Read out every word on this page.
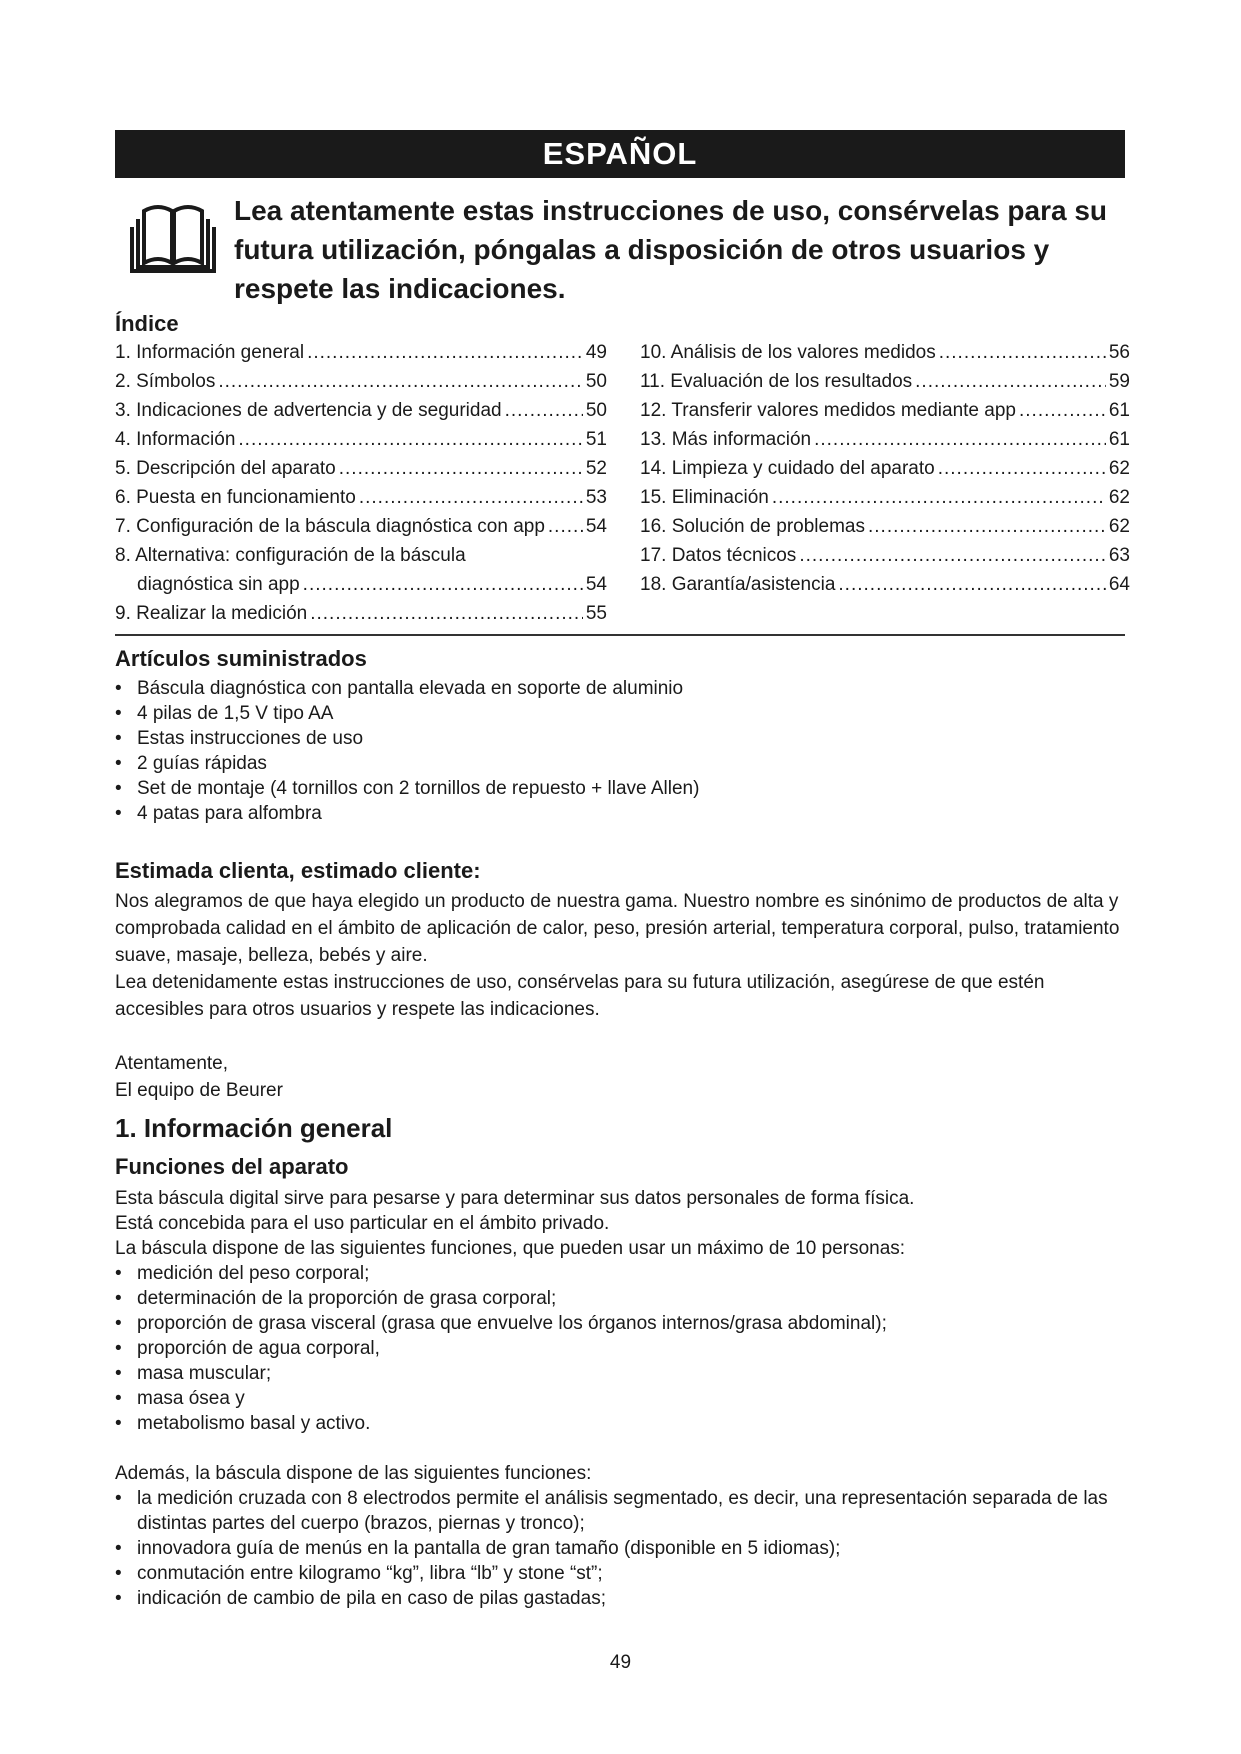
ESPAÑOL
Lea atentamente estas instrucciones de uso, consérvelas para su futura utilización, póngalas a disposición de otros usuarios y respete las indicaciones.
Índice
1. Información general .....	49
2. Símbolos .....	50
3. Indicaciones de advertencia y de seguridad .....	50
4. Información .....	51
5. Descripción del aparato .....	52
6. Puesta en funcionamiento .....	53
7. Configuración de la báscula diagnóstica con app ..... 54
8. Alternativa: configuración de la báscula
diagnóstica sin app .....	54
9. Realizar la medición .....	55
10. Análisis de los valores medidos .....	56
11. Evaluación de los resultados .....	59
12. Transferir valores medidos mediante app .....	61
13. Más información .....	61
14. Limpieza y cuidado del aparato .....	62
15. Eliminación .....	62
16. Solución de problemas .....	62
17. Datos técnicos .....	63
18. Garantía/asistencia .....	64
Artículos suministrados
• Báscula diagnóstica con pantalla elevada en soporte de aluminio
• 4 pilas de 1,5 V tipo AA
• Estas instrucciones de uso
• 2 guías rápidas
• Set de montaje (4 tornillos con 2 tornillos de repuesto + llave Allen)
• 4 patas para alfombra
Estimada clienta, estimado cliente:

Nos alegramos de que haya elegido un producto de nuestra gama. Nuestro nombre es sinónimo de productos de alta y comprobada calidad en el ámbito de aplicación de calor, peso, presión arterial, temperatura corporal, pulso, tratamiento suave, masaje, belleza, bebés y aire.

Lea detenidamente estas instrucciones de uso, consérvelas para su futura utilización, asegúrese de que estén accesibles para otros usuarios y respete las indicaciones.

Atentamente,

El equipo de Beurer

1. Información general
Funciones del aparato

Esta báscula digital sirve para pesarse y para determinar sus datos personales de forma física.

Está concebida para el uso particular en el ámbito privado.

La báscula dispone de las siguientes funciones, que pueden usar un máximo de 10 personas:

• medición del peso corporal;
• determinación de la proporción de grasa corporal;
• proporción de grasa visceral (grasa que envuelve los órganos internos/grasa abdominal);
• proporción de agua corporal,
• masa muscular;
• masa ósea y
• metabolismo basal y activo.

Además, la báscula dispone de las siguientes funciones:

• la medición cruzada con 8 electrodos permite el análisis segmentado, es decir, una representación separada de las distintas partes del cuerpo (brazos, piernas y tronco);
• innovadora guía de menús en la pantalla de gran tamaño (disponible en 5 idiomas);
• conmutación entre kilogramo “kg”, libra “lb” y stone “st”;
• indicación de cambio de pila en caso de pilas gastadas;
49
